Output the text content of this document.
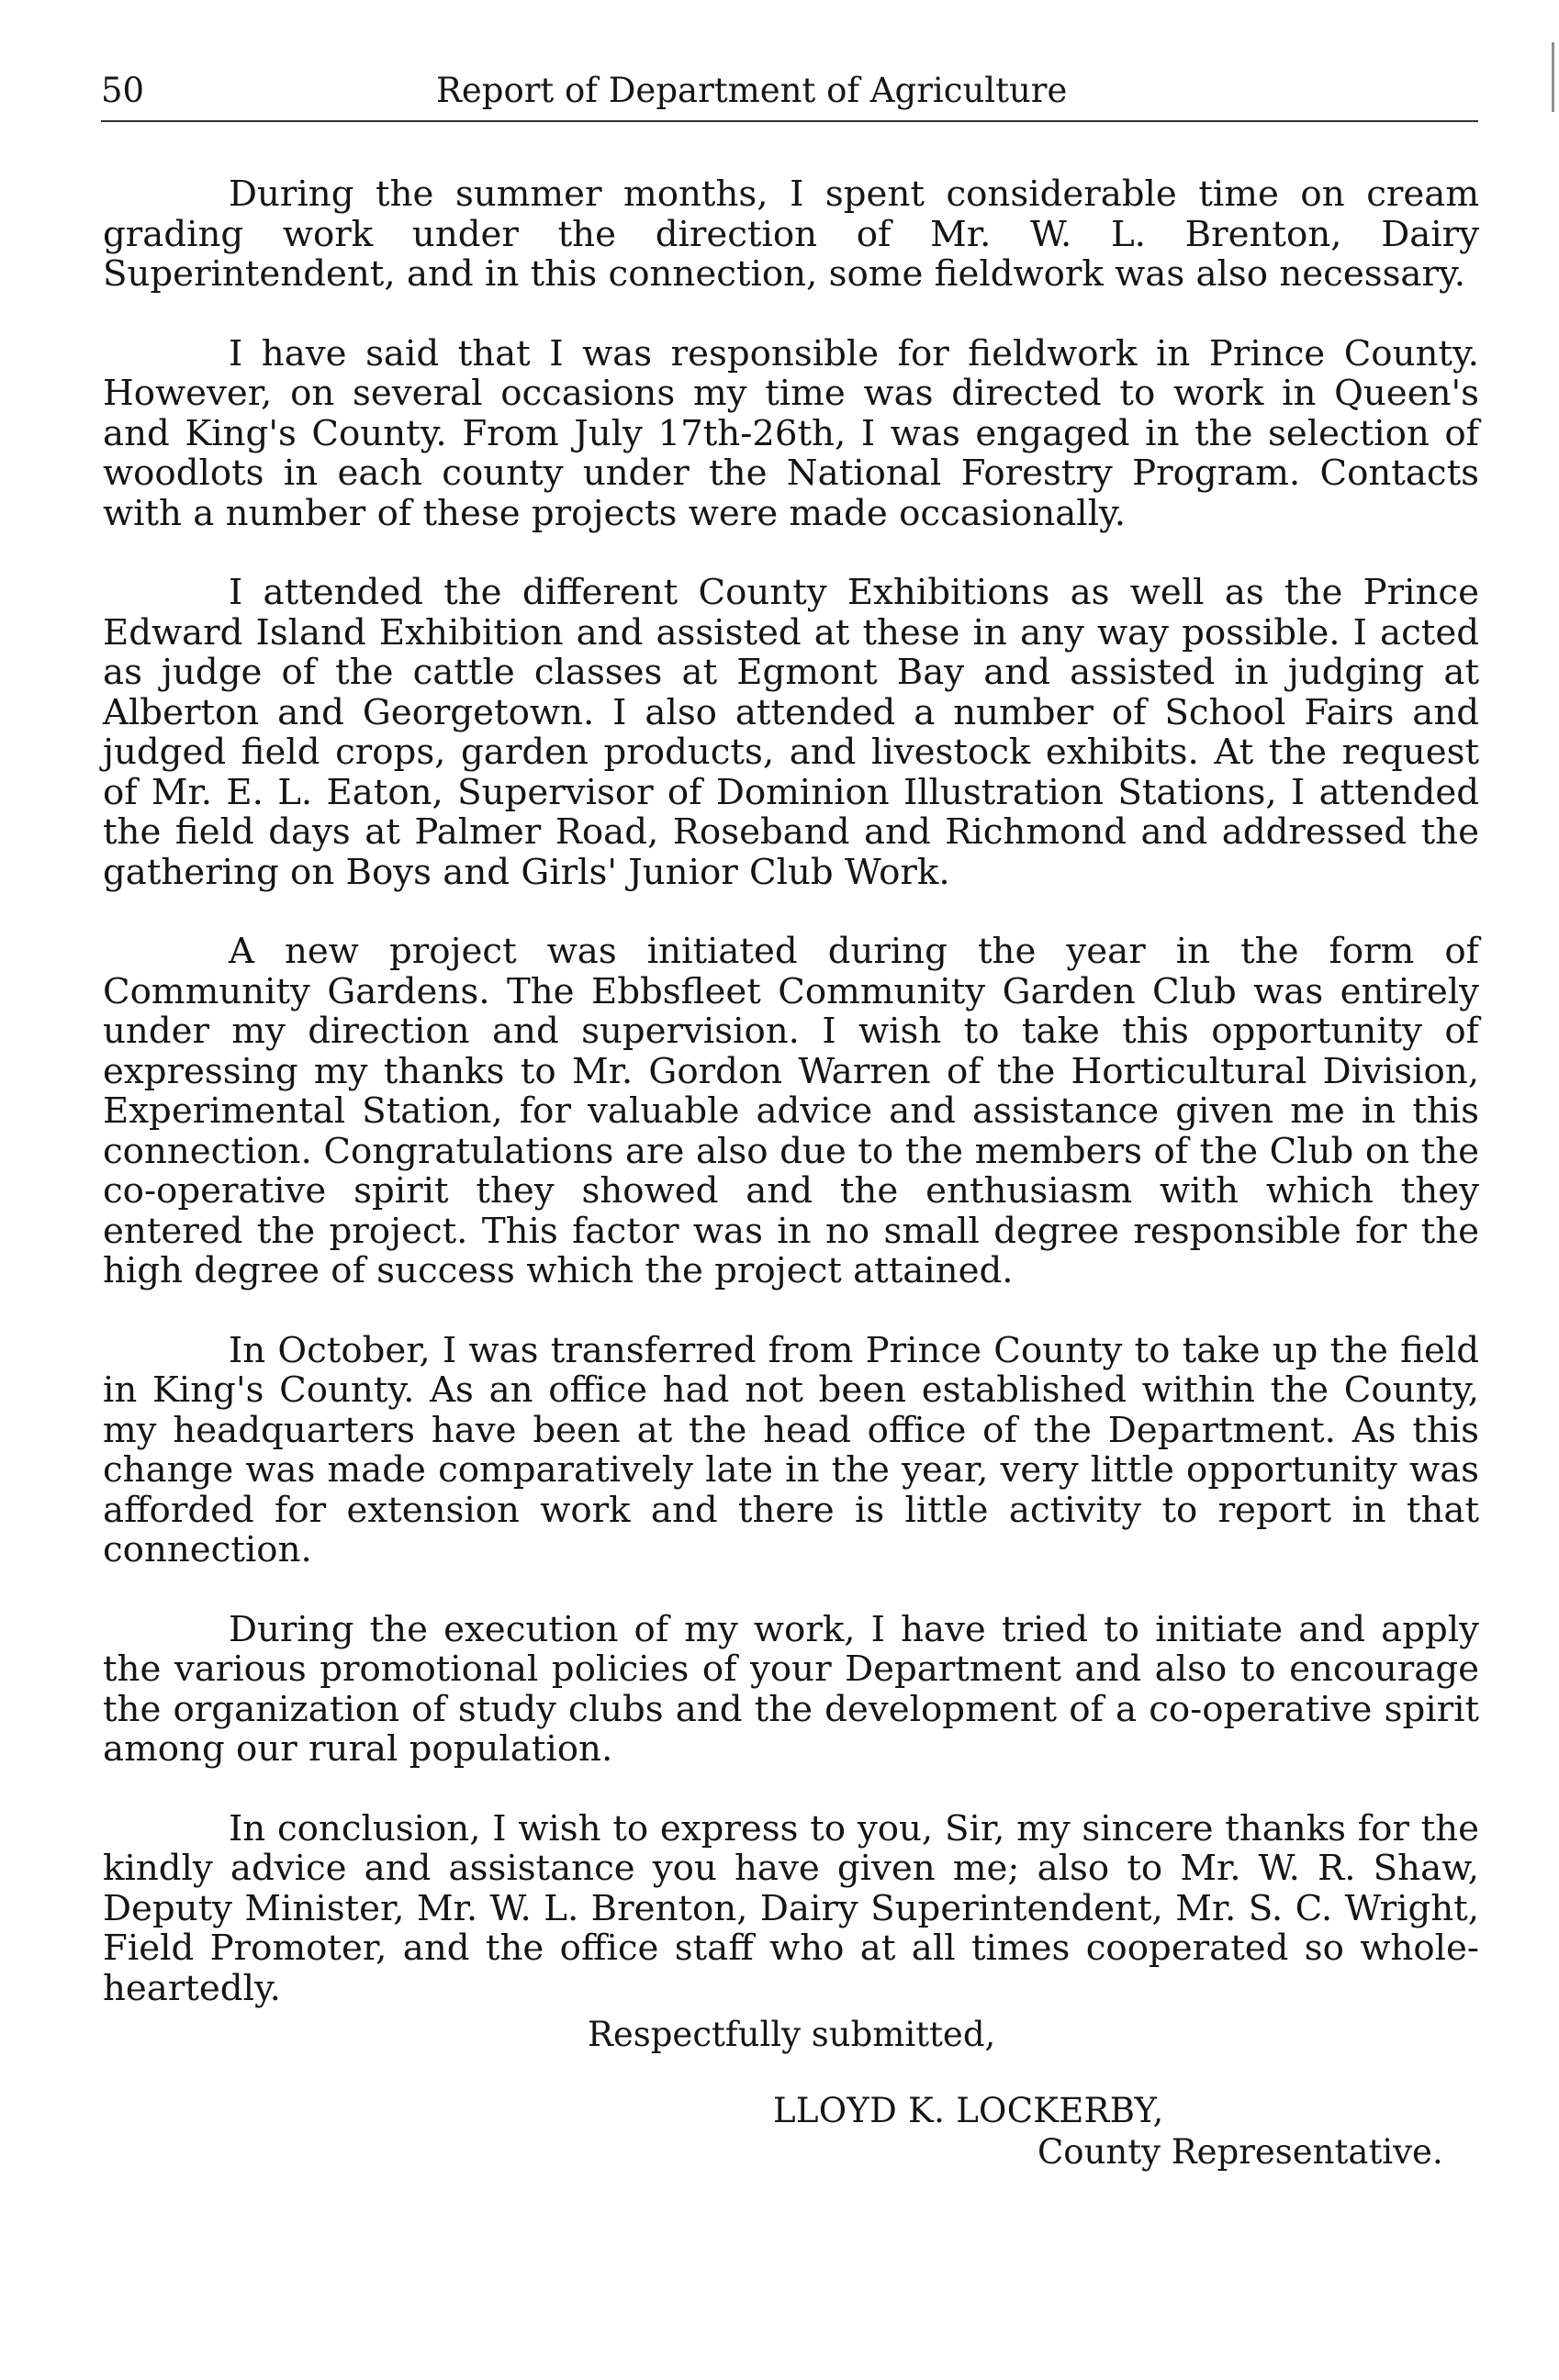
50	Report of Department of Agriculture

During the summer months, I spent considerable time on cream grading work under the direction of Mr. W. L. Brenton, Dairy Superintendent, and in this connection, some fieldwork was also necessary.

I have said that I was responsible for fieldwork in Prince County. However, on several occasions my time was directed to work in Queen's and King's County. From July 17th-26th, I was engaged in the selection of woodlots in each county under the National Forestry Program. Contacts with a number of these projects were made occasionally.

I attended the different County Exhibitions as well as the Prince Edward Island Exhibition and assisted at these in any way possible. I acted as judge of the cattle classes at Egmont Bay and assisted in judging at Alberton and Georgetown. I also attended a number of School Fairs and judged field crops, garden products, and livestock exhibits. At the request of Mr. E. L. Eaton, Supervisor of Dominion Illustration Stations, I attended the field days at Palmer Road, Roseband and Richmond and addressed the gathering on Boys and Girls' Junior Club Work.

A new project was initiated during the year in the form of Community Gardens. The Ebbsfleet Community Garden Club was entirely under my direction and supervision. I wish to take this opportunity of expressing my thanks to Mr. Gordon Warren of the Horticultural Division, Experimental Station, for valuable advice and assistance given me in this connection. Congratulations are also due to the members of the Club on the co-operative spirit they showed and the enthusiasm with which they entered the project. This factor was in no small degree responsible for the high degree of success which the project attained.

In October, I was transferred from Prince County to take up the field in King's County. As an office had not been established within the County, my headquarters have been at the head office of the Department. As this change was made comparatively late in the year, very little opportunity was afforded for extension work and there is little activity to report in that connection.

During the execution of my work, I have tried to initiate and apply the various promotional policies of your Department and also to encourage the organization of study clubs and the development of a co-operative spirit among our rural population.

In conclusion, I wish to express to you, Sir, my sincere thanks for the kindly advice and assistance you have given me; also to Mr. W. R. Shaw, Deputy Minister, Mr. W. L. Brenton, Dairy Superintendent, Mr. S. C. Wright, Field Promoter, and the office staff who at all times cooperated so whole-heartedly.

Respectfully submitted,
LLOYD K. LOCKERBY,
County Representative.
